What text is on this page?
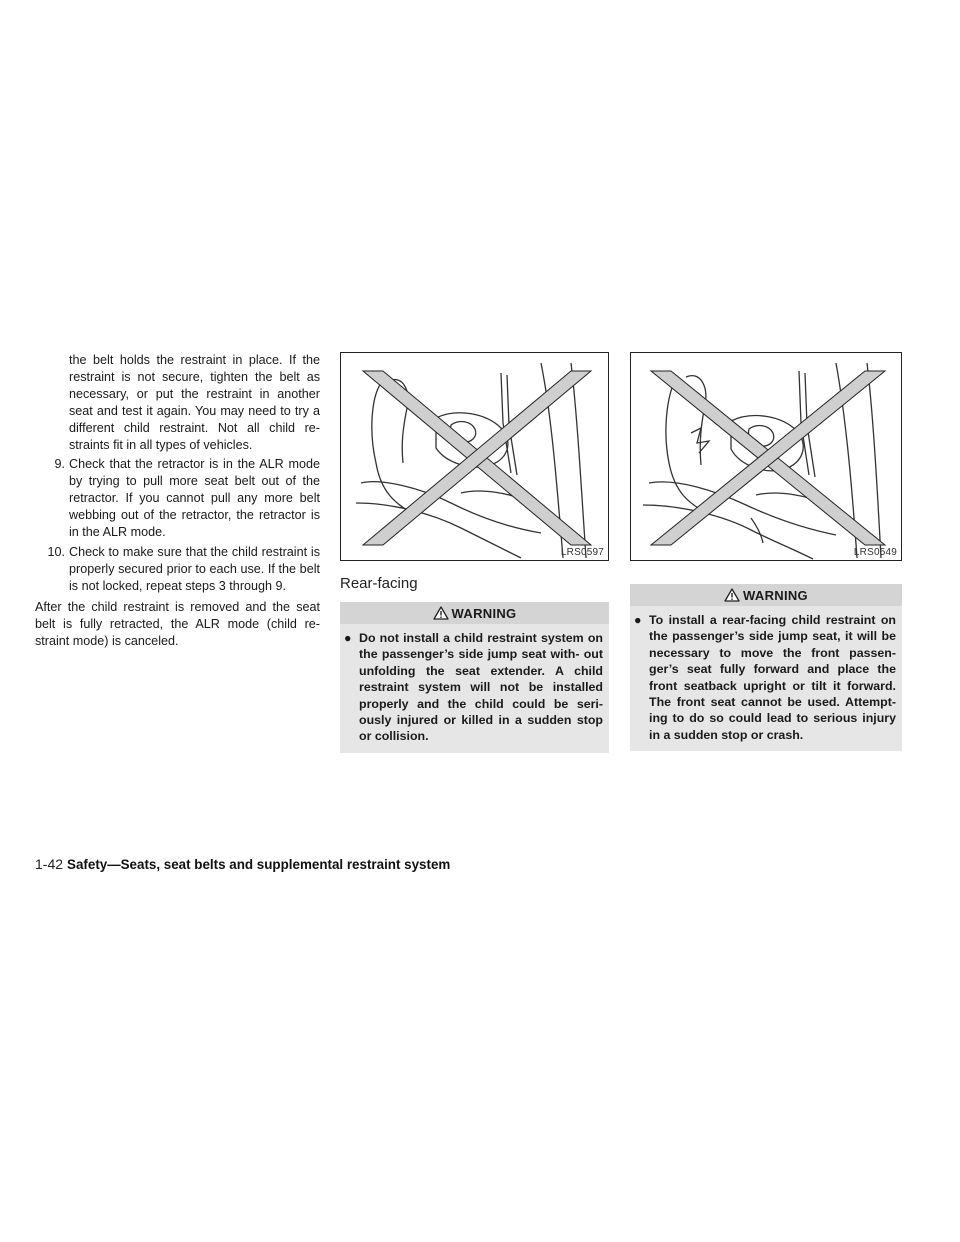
the belt holds the restraint in place. If the restraint is not secure, tighten the belt as necessary, or put the restraint in another seat and test it again. You may need to try a different child restraint. Not all child re- straints fit in all types of vehicles.

9. Check that the retractor is in the ALR mode by trying to pull more seat belt out of the retractor. If you cannot pull any more belt webbing out of the retractor, the retractor is in the ALR mode.
10. Check to make sure that the child restraint is properly secured prior to each use. If the belt is not locked, repeat steps 3 through 9.

After the child restraint is removed and the seat belt is fully retracted, the ALR mode (child re- straint mode) is canceled.

LRS0597
Rear-facing
WARNING
● Do not install a child restraint system on the passenger’s side jump seat with- out unfolding the seat extender. A child restraint system will not be installed properly and the child could be seri- ously injured or killed in a sudden stop or collision.
LRS0549
WARNING
● To install a rear-facing child restraint on the passenger’s side jump seat, it will be necessary to move the front passen- ger’s seat fully forward and place the front seatback upright or tilt it forward. The front seat cannot be used. Attempt- ing to do so could lead to serious injury in a sudden stop or crash.
1-42 Safety—Seats, seat belts and supplemental restraint system
